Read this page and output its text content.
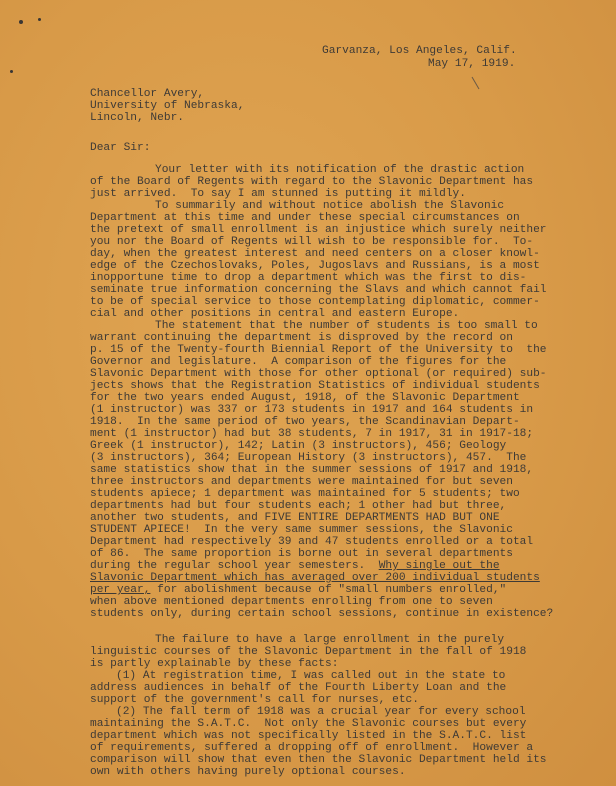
Garvanza, Los Angeles, Calif.
May 17, 1919.
Chancellor Avery,
University of Nebraska,
Lincoln, Nebr.
Dear Sir:
Your letter with its notification of the drastic action
of the Board of Regents with regard to the Slavonic Department has
just arrived.  To say I am stunned is putting it mildly.
To summarily and without notice abolish the Slavonic
Department at this time and under these special circumstances on
the pretext of small enrollment is an injustice which surely neither
you nor the Board of Regents will wish to be responsible for.  To-
day, when the greatest interest and need centers on a closer knowl-
edge of the Czechoslovaks, Poles, Jugoslavs and Russians, is a most
inopportune time to drop a department which was the first to dis-
seminate true information concerning the Slavs and which cannot fail
to be of special service to those contemplating diplomatic, commer-
cial and other positions in central and eastern Europe.
The statement that the number of students is too small to
warrant continuing the department is disproved by the record on
p. 15 of the Twenty-fourth Biennial Report of the University to  the
Governor and legislature.  A comparison of the figures for the
Slavonic Department with those for other optional (or required) sub-
jects shows that the Registration Statistics of individual students
for the two years ended August, 1918, of the Slavonic Department
(1 instructor) was 337 or 173 students in 1917 and 164 students in
1918.  In the same period of two years, the Scandinavian Depart-
ment (1 instructor) had but 38 students, 7 in 1917, 31 in 1917-18;
Greek (1 instructor), 142; Latin (3 instructors), 456; Geology
(3 instructors), 364; European History (3 instructors), 457.  The
same statistics show that in the summer sessions of 1917 and 1918,
three instructors and departments were maintained for but seven
students apiece; 1 department was maintained for 5 students; two
departments had but four students each; 1 other had but three,
another two students, and FIVE ENTIRE DEPARTMENTS HAD BUT ONE
STUDENT APIECE!  In the very same summer sessions, the Slavonic
Department had respectively 39 and 47 students enrolled or a total
of 86.  The same proportion is borne out in several departments
during the regular school year semesters. Why single out the
Slavonic Department which has averaged over 200 individual students
per year, for abolishment because of "small numbers enrolled,"
when above mentioned departments enrolling from one to seven
students only, during certain school sessions, continue in existence?
The failure to have a large enrollment in the purely
linguistic courses of the Slavonic Department in the fall of 1918
is partly explainable by these facts:
(1) At registration time, I was called out in the state to
address audiences in behalf of the Fourth Liberty Loan and the
support of the government's call for nurses, etc.
(2) The fall term of 1918 was a crucial year for every school
maintaining the S.A.T.C.  Not only the Slavonic courses but every
department which was not specifically listed in the S.A.T.C. list
of requirements, suffered a dropping off of enrollment.  However a
comparison will show that even then the Slavonic Department held its
own with others having purely optional courses.
